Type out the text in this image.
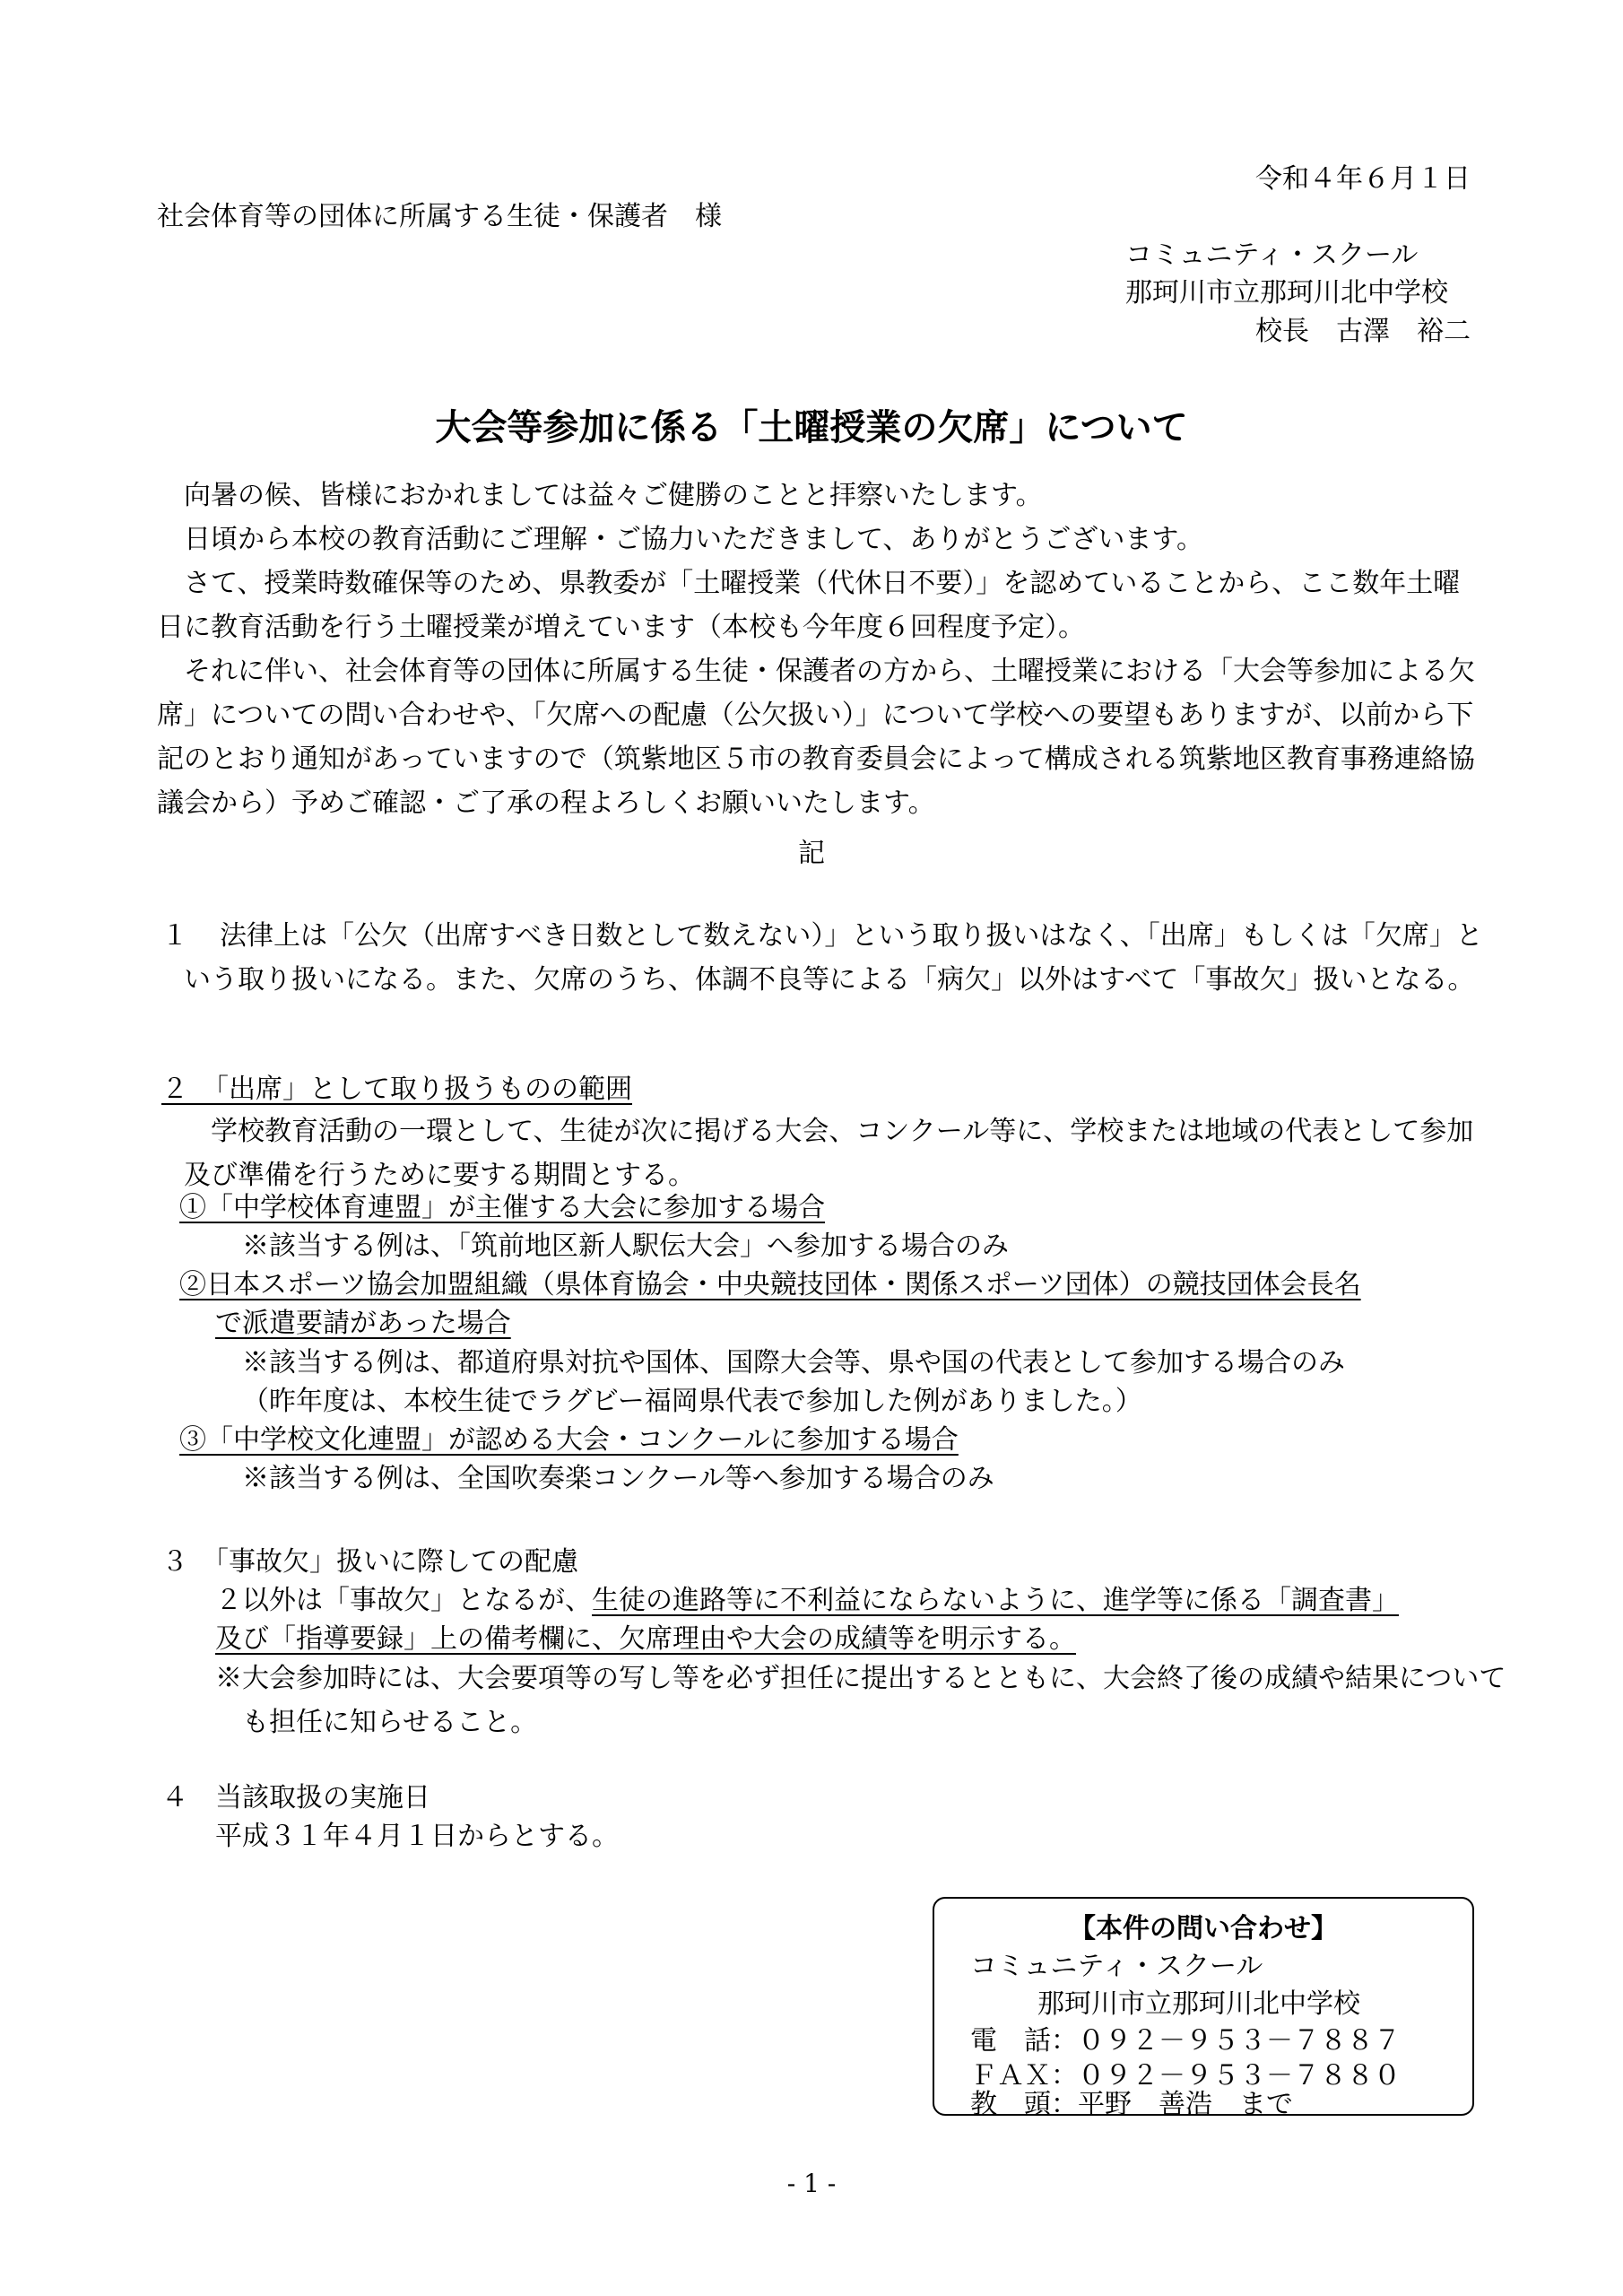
令和４年６月１日
社会体育等の団体に所属する生徒・保護者　様
コミュニティ・スクール
那珂川市立那珂川北中学校
校長　古澤　裕二
大会等参加に係る「土曜授業の欠席」について
向暑の候、皆様におかれましては益々ご健勝のことと拝察いたします。
日頃から本校の教育活動にご理解・ご協力いただきまして、ありがとうございます。
さて、授業時数確保等のため、県教委が「土曜授業（代休日不要）」を認めていることから、ここ数年土曜日に教育活動を行う土曜授業が増えています（本校も今年度６回程度予定）。
それに伴い、社会体育等の団体に所属する生徒・保護者の方から、土曜授業における「大会等参加による欠席」についての問い合わせや、「欠席への配慮（公欠扱い）」について学校への要望もありますが、以前から下記のとおり通知があっていますので（筑紫地区５市の教育委員会によって構成される筑紫地区教育事務連絡協議会から）予めご確認・ご了承の程よろしくお願いいたします。
記
１	法律上は「公欠（出席すべき日数として数えない）」という取り扱いはなく、「出席」もしくは「欠席」という取り扱いになる。また、欠席のうち、体調不良等による「病欠」以外はすべて「事故欠」扱いとなる。
２　「出席」として取り扱うものの範囲
学校教育活動の一環として、生徒が次に掲げる大会、コンクール等に、学校または地域の代表として参加及び準備を行うために要する期間とする。
①「中学校体育連盟」が主催する大会に参加する場合
※該当する例は、「筑前地区新人駅伝大会」へ参加する場合のみ
②日本スポーツ協会加盟組織（県体育協会・中央競技団体・関係スポーツ団体）の競技団体会長名
で派遣要請があった場合
※該当する例は、都道府県対抗や国体、国際大会等、県や国の代表として参加する場合のみ
（昨年度は、本校生徒でラグビー福岡県代表で参加した例がありました。）
③「中学校文化連盟」が認める大会・コンクールに参加する場合
※該当する例は、全国吹奏楽コンクール等へ参加する場合のみ
３　「事故欠」扱いに際しての配慮
２以外は「事故欠」となるが、生徒の進路等に不利益にならないように、進学等に係る「調査書」
及び「指導要録」上の備考欄に、欠席理由や大会の成績等を明示する。
※大会参加時には、大会要項等の写し等を必ず担任に提出するとともに、大会終了後の成績や結果についても担任に知らせること。
４　当該取扱の実施日
平成３１年４月１日からとする。
【本件の問い合わせ】
コミュニティ・スクール
那珂川市立那珂川北中学校
電　話：０９２－９５３－７８８７
ＦＡＸ：０９２－９５３－７８８０
教　頭：平野　善浩　まで
- 1 -
